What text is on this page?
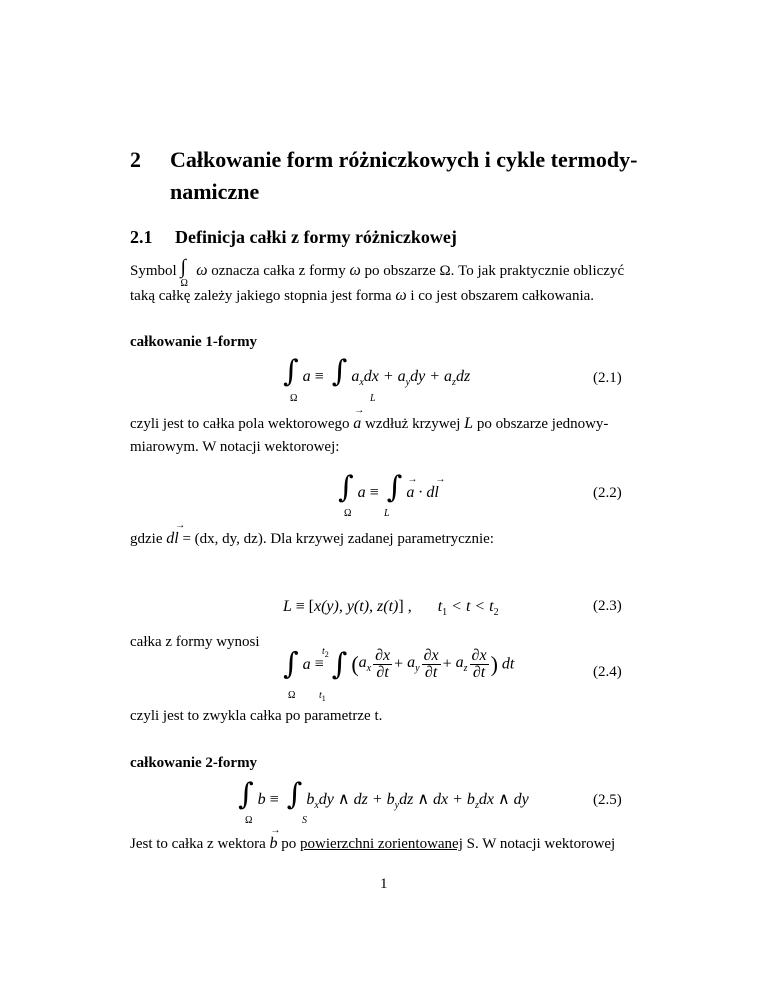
2 Całkowanie form różniczkowych i cykle termody-
namiczne
2.1 Definicja całki z formy różniczkowej
Symbol ∫
Ω
ω oznacza całka z formy ω po obszarze Ω. To jak praktycznie obliczyć
taką całkę zależy jakiego stopnia jest forma ω i co jest obszarem całkowania.
całkowanie 1-formy
∫ a ≡ ∫ $a_xdx + a_ydy + a_zdz$
Ω	L
(2.1)
czyli jest to całka pola wektorowego → a wzdłuż krzywej L po obszarze jednowy-
miarowym. W notacji wektorowej:
∫ a ≡ ∫ → a · d→ l
Ω	L
(2.2)
gdzie d→ l = (dx, dy, dz). Dla krzywej zadanej parametrycznie:
L ≡ [x(y), y(t), z(t)] , $t_1 < t < t_2$	(2.3)
całka z formy wynosi
∫ a ≡ ∫ ($a_x \frac{\partial x}{\partial t} + a_y \frac{\partial x}{\partial t} + a_z \frac{\partial x}{\partial t}$ ) dt
Ω
$t_2$
$t_1$
(2.4)
czyli jest to zwykla całka po parametrze t.
całkowanie 2-formy
∫ b ≡ ∫ $b_xdy$ ∧ dz + $b_ydz$ ∧ dx + $b_zdx$ ∧ dy
Ω	S
(2.5)
Jest to całka z wektora → b po powierzchni zorientowanej S. W notacji wektorowej
1
